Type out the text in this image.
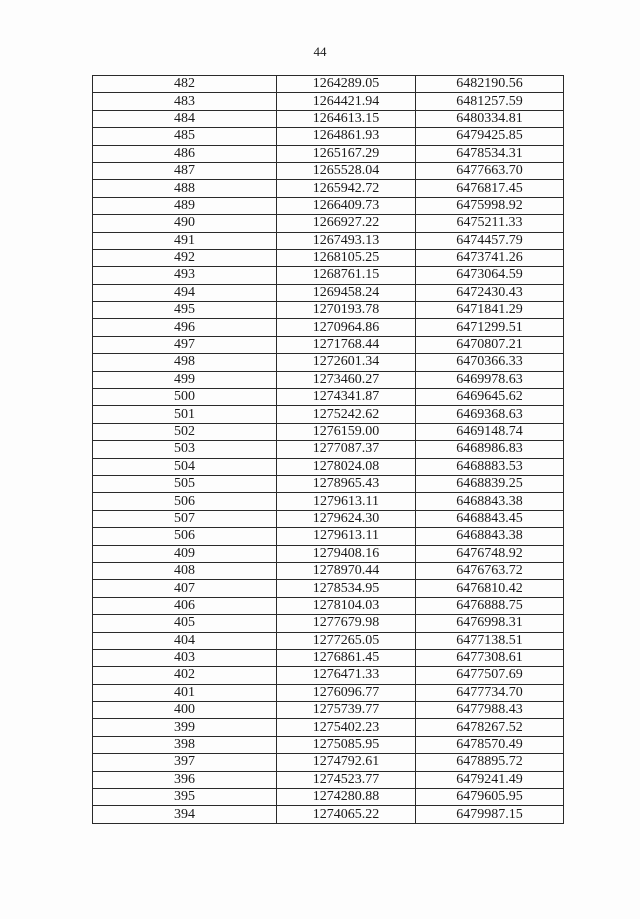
44
482	1264289.05	6482190.56
483	1264421.94	6481257.59
484	1264613.15	6480334.81
485	1264861.93	6479425.85
486	1265167.29	6478534.31
487	1265528.04	6477663.70
488	1265942.72	6476817.45
489	1266409.73	6475998.92
490	1266927.22	6475211.33
491	1267493.13	6474457.79
492	1268105.25	6473741.26
493	1268761.15	6473064.59
494	1269458.24	6472430.43
495	1270193.78	6471841.29
496	1270964.86	6471299.51
497	1271768.44	6470807.21
498	1272601.34	6470366.33
499	1273460.27	6469978.63
500	1274341.87	6469645.62
501	1275242.62	6469368.63
502	1276159.00	6469148.74
503	1277087.37	6468986.83
504	1278024.08	6468883.53
505	1278965.43	6468839.25
506	1279613.11	6468843.38
507	1279624.30	6468843.45
506	1279613.11	6468843.38
409	1279408.16	6476748.92
408	1278970.44	6476763.72
407	1278534.95	6476810.42
406	1278104.03	6476888.75
405	1277679.98	6476998.31
404	1277265.05	6477138.51
403	1276861.45	6477308.61
402	1276471.33	6477507.69
401	1276096.77	6477734.70
400	1275739.77	6477988.43
399	1275402.23	6478267.52
398	1275085.95	6478570.49
397	1274792.61	6478895.72
396	1274523.77	6479241.49
395	1274280.88	6479605.95
394	1274065.22	6479987.15
